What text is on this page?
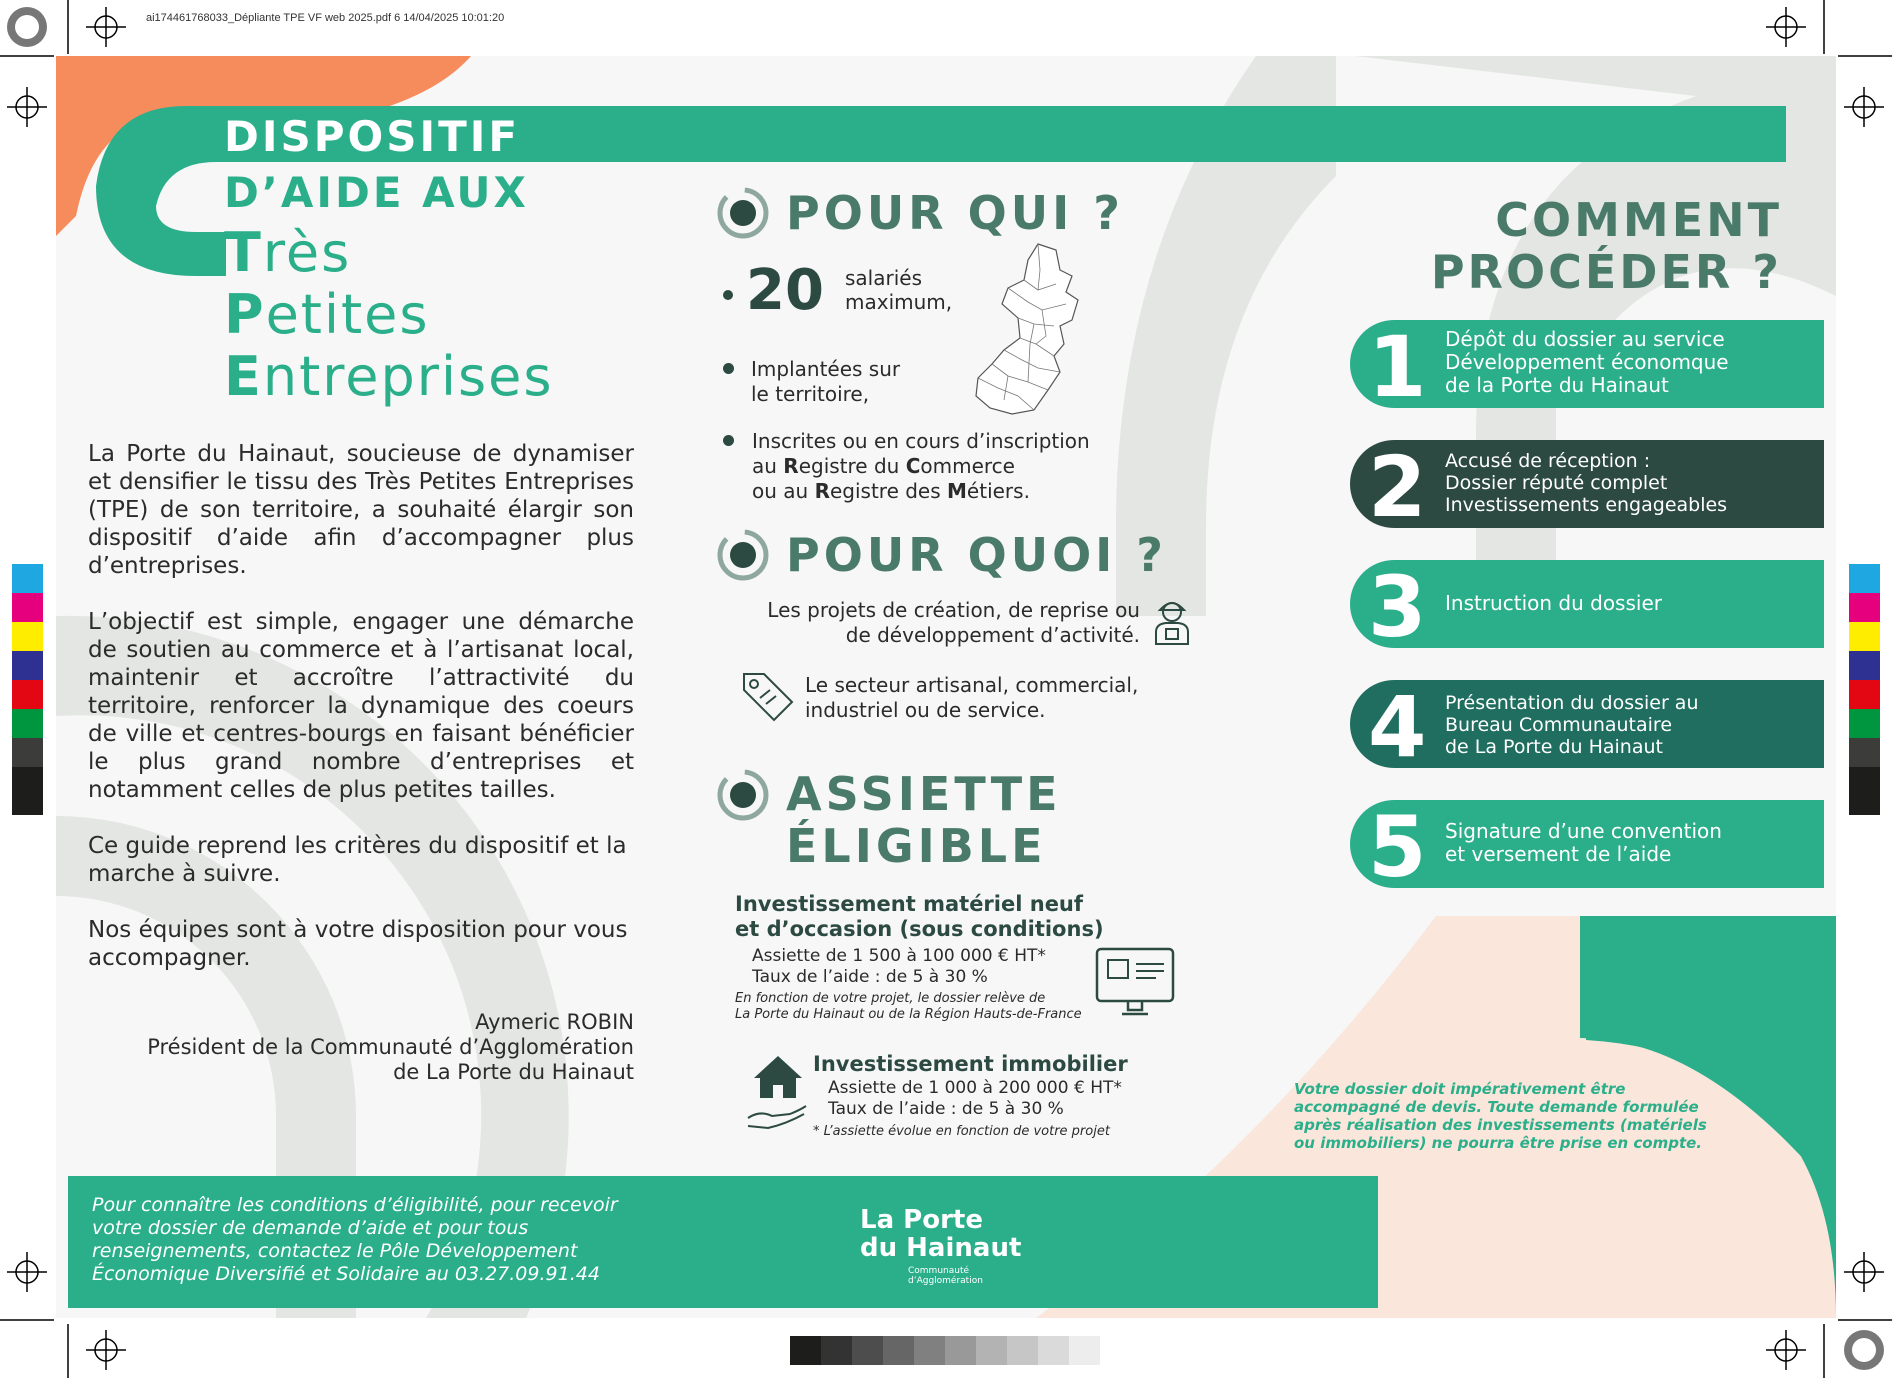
ai174461768033_Dépliante TPE VF web 2025.pdf 6 14/04/2025 10:01:20
DISPOSITIF
D’AIDE AUX
Très
Petites
Entreprises

La Porte du Hainaut, soucieuse de dynamiser et densifier le tissu des Très Petites Entreprises (TPE) de son territoire, a souhaité élargir son dispositif d’aide afin d’accompagner plus d’entreprises.

L’objectif est simple, engager une démarche de soutien au commerce et à l’artisanat local, maintenir et accroître l’attractivité du territoire, renforcer la dynamique des coeurs de ville et centres-bourgs en faisant bénéficier le plus grand nombre d’entreprises et notamment celles de plus petites tailles.

Ce guide reprend les critères du dispositif et la marche à suivre.

Nos équipes sont à votre disposition pour vous accompagner.

Aymeric ROBIN
Président de la Communauté d’Agglomération
de La Porte du Hainaut
POUR QUI ?
20 salariés
maximum,
Implantées sur
le territoire,
Inscrites ou en cours d’inscription
au Registre du Commerce
ou au Registre des Métiers.
POUR QUOI ?
Les projets de création, de reprise ou
de développement d’activité.
Le secteur artisanal, commercial,
industriel ou de service.
ASSIETTE
ÉLIGIBLE
Investissement matériel neuf
et d’occasion (sous conditions)
Assiette de 1 500 à 100 000 € HT*
Taux de l’aide : de 5 à 30 %
En fonction de votre projet, le dossier relève de
La Porte du Hainaut ou de la Région Hauts-de-France
Investissement immobilier
Assiette de 1 000 à 200 000 € HT*
Taux de l’aide : de 5 à 30 %
* L’assiette évolue en fonction de votre projet
COMMENT
PROCÉDER ?
1 Dépôt du dossier au service
Développement économque
de la Porte du Hainaut
2 Accusé de réception :
Dossier réputé complet
Investissements engageables
3 Instruction du dossier
4 Présentation du dossier au
Bureau Communautaire
de La Porte du Hainaut
5 Signature d’une convention
et versement de l’aide
Votre dossier doit impérativement être accompagné de devis. Toute demande formulée après réalisation des investissements (matériels ou immobiliers) ne pourra être prise en compte.
Pour connaître les conditions d’éligibilité, pour recevoir votre dossier de demande d’aide et pour tous renseignements, contactez le Pôle Développement Économique Diversifié et Solidaire au 03.27.09.91.44
La Porte
du Hainaut
Communauté
d’Agglomération
